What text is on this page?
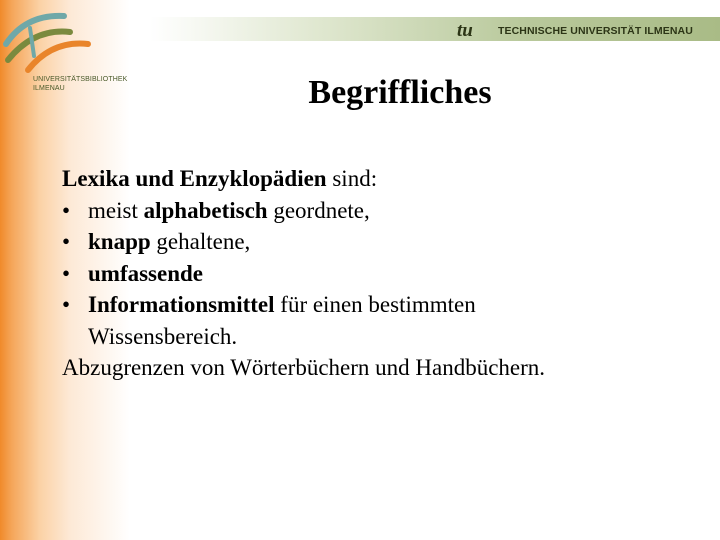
UNIVERSITÄTSBIBLIOTHEK
ILMENAU
tu TECHNISCHE UNIVERSITÄT ILMENAU
Begriffliches
Lexika und Enzyklopädien sind:
• meist alphabetisch geordnete,
• knapp gehaltene,
• umfassende
• Informationsmittel für einen bestimmten
Wissensbereich.
Abzugrenzen von Wörterbüchern und Handbüchern.
